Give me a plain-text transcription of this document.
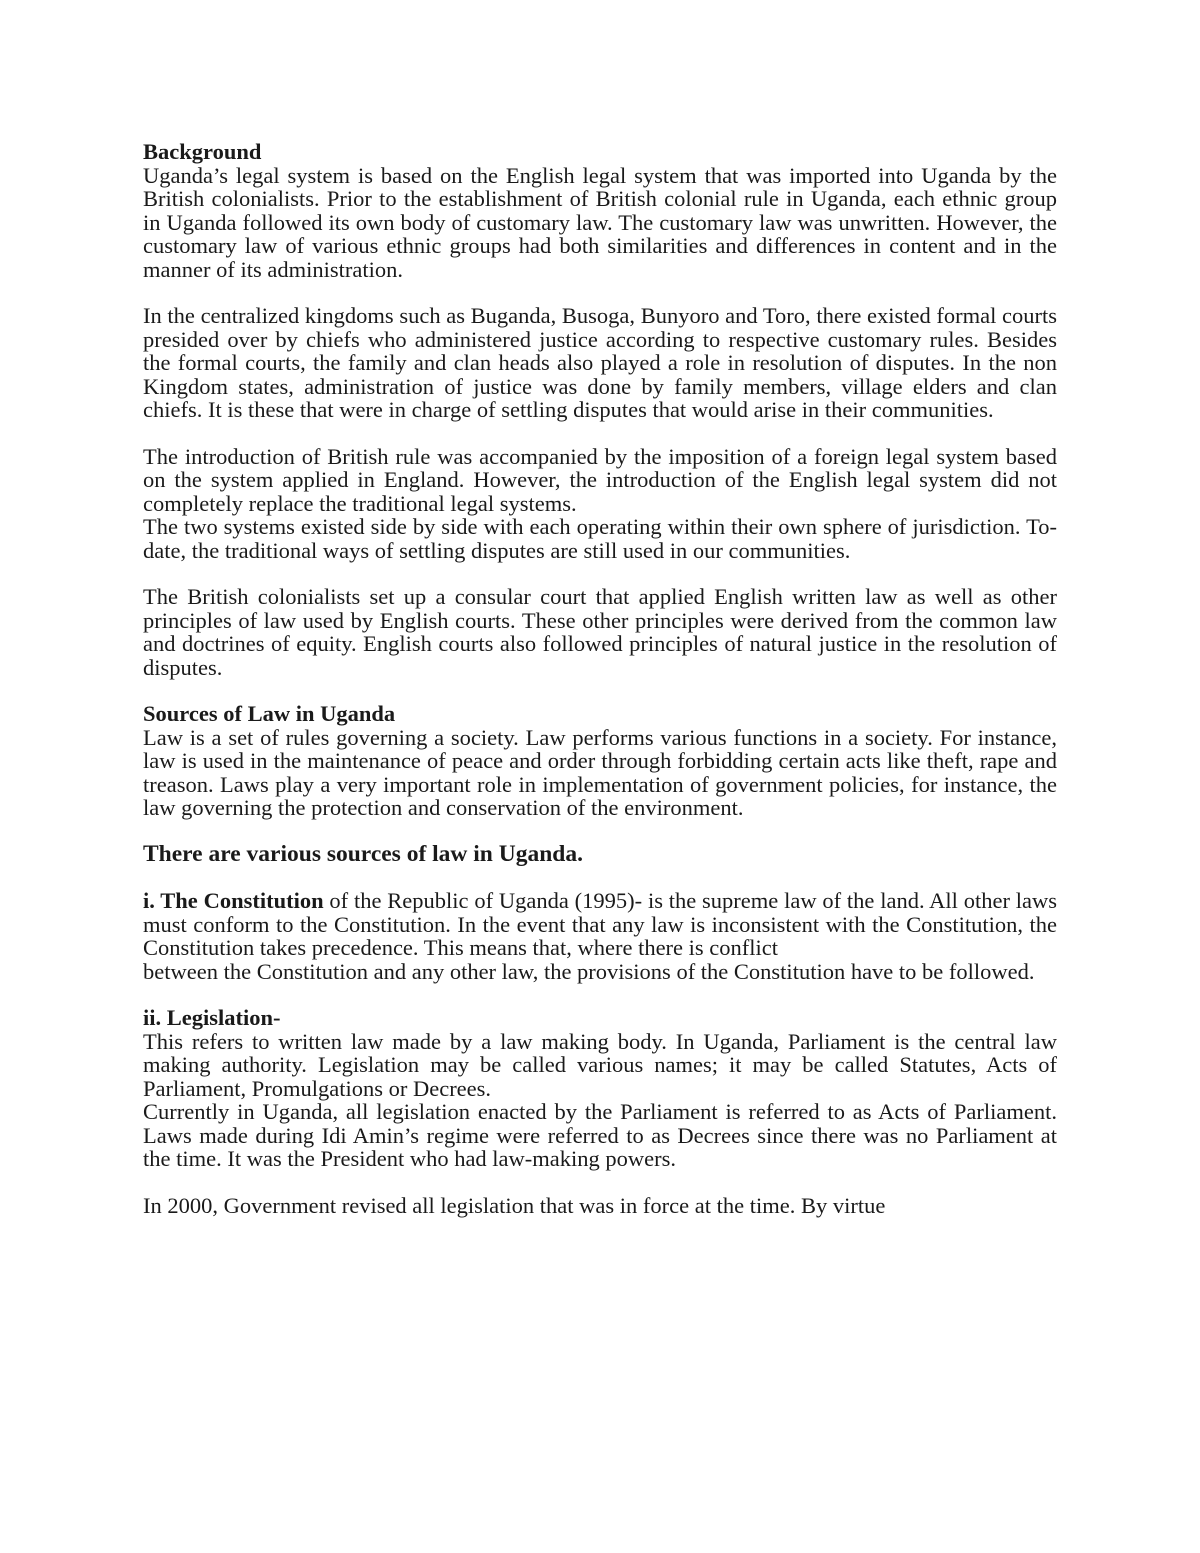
Background

Uganda’s legal system is based on the English legal system that was imported into Uganda by the British colonialists. Prior to the establishment of British colonial rule in Uganda, each ethnic group in Uganda followed its own body of customary law. The customary law was unwritten. However, the customary law of various ethnic groups had both similarities and differences in content and in the manner of its administration.

In the centralized kingdoms such as Buganda, Busoga, Bunyoro and Toro, there existed formal courts presided over by chiefs who administered justice according to respective customary rules. Besides the formal courts, the family and clan heads also played a role in resolution of disputes. In the non Kingdom states, administration of justice was done by family members, village elders and clan chiefs. It is these that were in charge of settling disputes that would arise in their communities.

The introduction of British rule was accompanied by the imposition of a foreign legal system based on the system applied in England. However, the introduction of the English legal system did not completely replace the traditional legal systems.

The two systems existed side by side with each operating within their own sphere of jurisdiction. To-date, the traditional ways of settling disputes are still used in our communities.

The British colonialists set up a consular court that applied English written law as well as other principles of law used by English courts. These other principles were derived from the common law and doctrines of equity. English courts also followed principles of natural justice in the resolution of disputes.

Sources of Law in Uganda

Law is a set of rules governing a society. Law performs various functions in a society. For instance, law is used in the maintenance of peace and order through forbidding certain acts like theft, rape and treason. Laws play a very important role in implementation of government policies, for instance, the law governing the protection and conservation of the environment.

There are various sources of law in Uganda.

i. The Constitution of the Republic of Uganda (1995)- is the supreme law of the land. All other laws must conform to the Constitution. In the event that any law is inconsistent with the Constitution, the Constitution takes precedence. This means that, where there is conflict

between the Constitution and any other law, the provisions of the Constitution have to be followed.

ii. Legislation-

This refers to written law made by a law making body. In Uganda, Parliament is the central law making authority. Legislation may be called various names; it may be called Statutes, Acts of Parliament, Promulgations or Decrees.

Currently in Uganda, all legislation enacted by the Parliament is referred to as Acts of Parliament. Laws made during Idi Amin’s regime were referred to as Decrees since there was no Parliament at the time. It was the President who had law-making powers.

In 2000, Government revised all legislation that was in force at the time. By virtue
